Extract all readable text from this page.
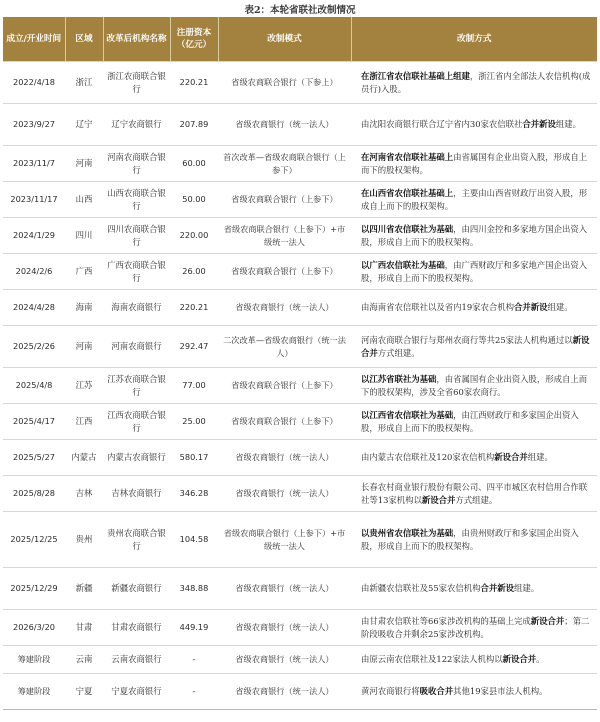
表2：本轮省联社改制情况
成立/开业时间	区域	改革后机构名称	注册资本（亿元）	改制模式	改制方式
2022/4/18	浙江	浙江农商联合银行	220.21	省级农商联合银行（下参上）	在浙江省农信联社基础上组建，浙江省内全部法人农信机构(成员行)入股。
2023/9/27	辽宁	辽宁农商银行	207.89	省级农商银行（统一法人）	由沈阳农商银行联合辽宁省内30家农信联社合并新设组建。
2023/11/7	河南	河南农商联合银行	60.00	首次改革—省级农商联合银行（上参下）	在河南省农信联社基础上由省属国有企业出资入股，形成自上而下的股权架构。
2023/11/17	山西	山西农商联合银行	50.00	省级农商联合银行（上参下）	在山西省农信联社基础上，主要由山西省财政厅出资入股，形成自上而下的股权架构。
2024/1/29	四川	四川农商联合银行	220.00	省级农商联合银行（上参下）+市级统一法人	以四川省农信联社为基础，由四川金控和多家地方国企出资入股，形成自上而下的股权架构。
2024/2/6	广西	广西农商联合银行	26.00	省级农商联合银行（上参下）	以广西农信联社为基础，由广西财政厅和多家地产国企出资入股，形成自上而下的股权架构。
2024/4/28	海南	海南农商银行	220.21	省级农商银行（统一法人）	由海南省农信联社以及省内19家农合机构合并新设组建。
2025/2/26	河南	河南农商银行	292.47	二次改革—省级农商银行（统一法人）	河南农商联合银行与郑州农商行等共25家法人机构通过以新设合并方式组建。
2025/4/8	江苏	江苏农商联合银行	77.00	省级农商联合银行（上参下）	以江苏省联社为基础，由省属国有企业出资入股，形成自上而下的股权架构，涉及全省60家农商行。
2025/4/17	江西	江西农商联合银行	25.00	省级农商联合银行（上参下）	以江西省农信联社为基础，由江西财政厅和多家国企出资入股，形成自上而下的股权架构。
2025/5/27	内蒙古	内蒙古农商银行	580.17	省级农商银行（统一法人）	由内蒙古农信联社及120家农信机构新设合并组建。
2025/8/28	吉林	吉林农商银行	346.28	省级农商银行（统一法人）	长春农村商业银行股份有限公司、四平市城区农村信用合作联社等13家机构以新设合并方式组建。
2025/12/25	贵州	贵州农商联合银行	104.58	省级农商联合银行（上参下）+市级统一法人	以贵州省农信联社为基础，由贵州财政厅和多家国企出资入股，形成自上而下的股权架构。
2025/12/29	新疆	新疆农商银行	348.88	省级农商银行（统一法人）	由新疆农信联社及55家农信机构合并新设组建。
2026/3/20	甘肃	甘肃农商银行	449.19	省级农商银行（统一法人）	由甘肃农信联社等66家涉改机构的基础上完成新设合并；第二阶段吸收合并剩余25家涉改机构。
筹建阶段	云南	云南农商银行	-	省级农商银行（统一法人）	由原云南农信联社及122家法人机构以新设合并。
筹建阶段	宁夏	宁夏农商银行	-	省级农商银行（统一法人）	黄河农商银行将吸收合并其他19家县市法人机构。
